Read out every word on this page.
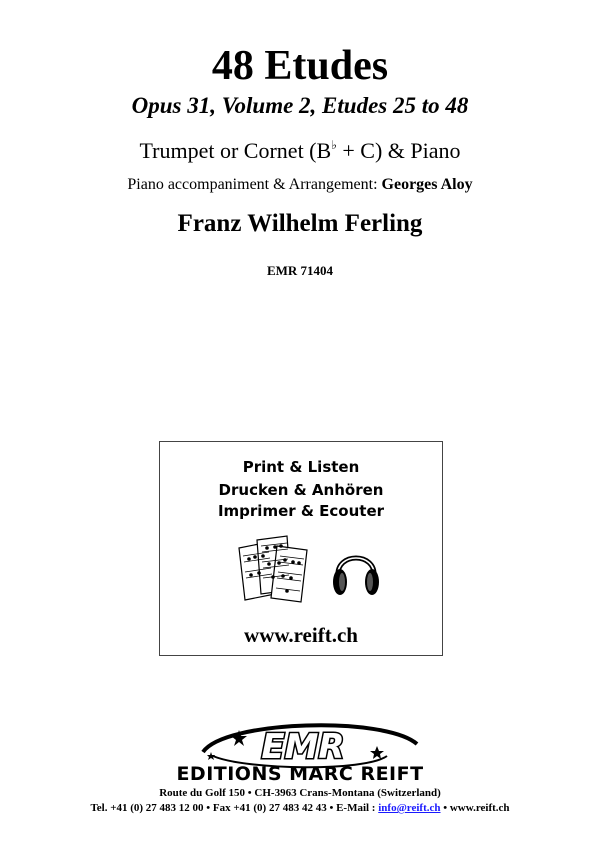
48 Etudes
Opus 31, Volume 2, Etudes 25 to 48
Trumpet or Cornet (B♭ + C) & Piano
Piano accompaniment & Arrangement: Georges Aloy
Franz Wilhelm Ferling
EMR 71404
Print & Listen
Drucken & Anhören
Imprimer & Ecouter
www.reift.ch
EMR
EDITIONS MARC REIFT
Route du Golf 150 • CH-3963 Crans-Montana (Switzerland)
Tel. +41 (0) 27 483 12 00 • Fax +41 (0) 27 483 42 43 • E-Mail : info@reift.ch • www.reift.ch
